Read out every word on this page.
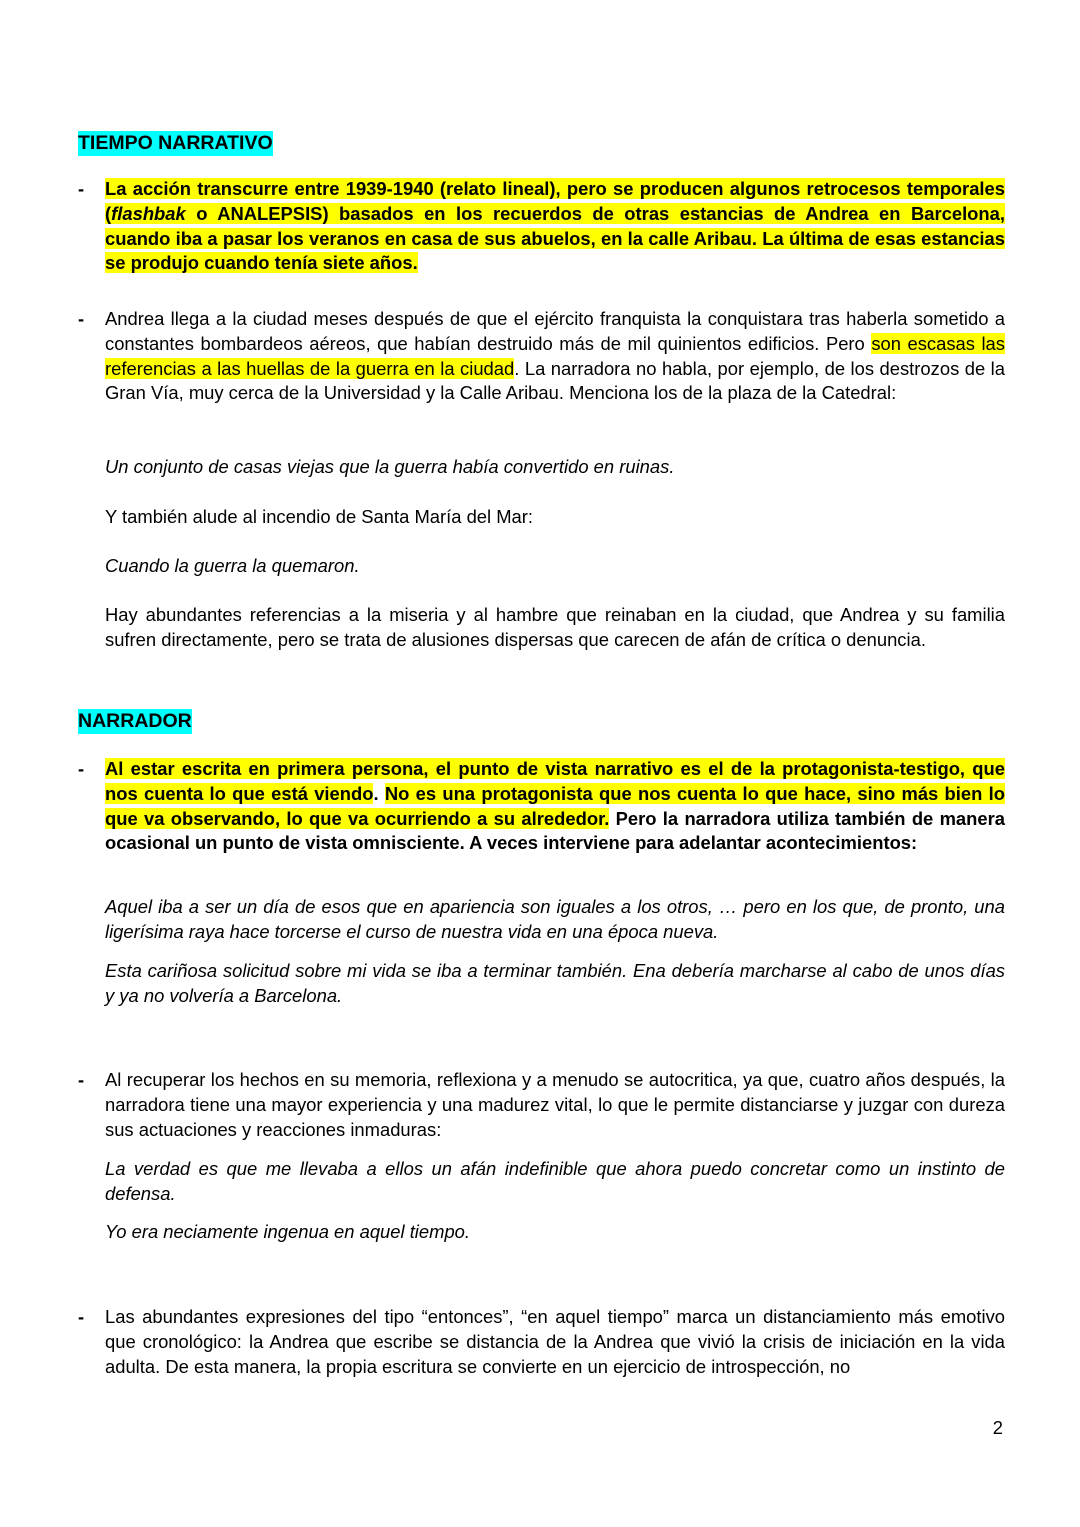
TIEMPO NARRATIVO
-	La acción transcurre entre 1939-1940 (relato lineal), pero se producen algunos retrocesos temporales (flashbak o ANALEPSIS) basados en los recuerdos de otras estancias de Andrea en Barcelona, cuando iba a pasar los veranos en casa de sus abuelos, en la calle Aribau. La última de esas estancias se produjo cuando tenía siete años.

-	Andrea llega a la ciudad meses después de que el ejército franquista la conquistara tras haberla sometido a constantes bombardeos aéreos, que habían destruido más de mil quinientos edificios. Pero son escasas las referencias a las huellas de la guerra en la ciudad. La narradora no habla, por ejemplo, de los destrozos de la Gran Vía, muy cerca de la Universidad y la Calle Aribau. Menciona los de la plaza de la Catedral:

Un conjunto de casas viejas que la guerra había convertido en ruinas.

Y también alude al incendio de Santa María del Mar:

Cuando la guerra la quemaron.

Hay abundantes referencias a la miseria y al hambre que reinaban en la ciudad, que Andrea y su familia sufren directamente, pero se trata de alusiones dispersas que carecen de afán de crítica o denuncia.

NARRADOR
-	Al estar escrita en primera persona, el punto de vista narrativo es el de la protagonista-testigo, que nos cuenta lo que está viendo. No es una protagonista que nos cuenta lo que hace, sino más bien lo que va observando, lo que va ocurriendo a su alrededor. Pero la narradora utiliza también de manera ocasional un punto de vista omnisciente. A veces interviene para adelantar acontecimientos:

Aquel iba a ser un día de esos que en apariencia son iguales a los otros, … pero en los que, de pronto, una ligerísima raya hace torcerse el curso de nuestra vida en una época nueva.

Esta cariñosa solicitud sobre mi vida se iba a terminar también. Ena debería marcharse al cabo de unos días y ya no volvería a Barcelona.

-	Al recuperar los hechos en su memoria, reflexiona y a menudo se autocritica, ya que, cuatro años después, la narradora tiene una mayor experiencia y una madurez vital, lo que le permite distanciarse y juzgar con dureza sus actuaciones y reacciones inmaduras:

La verdad es que me llevaba a ellos un afán indefinible que ahora puedo concretar como un instinto de defensa.

Yo era neciamente ingenua en aquel tiempo.

-	Las abundantes expresiones del tipo “entonces”, “en aquel tiempo” marca un distanciamiento más emotivo que cronológico: la Andrea que escribe se distancia de la Andrea que vivió la crisis de iniciación en la vida adulta. De esta manera, la propia escritura se convierte en un ejercicio de introspección, no

2
